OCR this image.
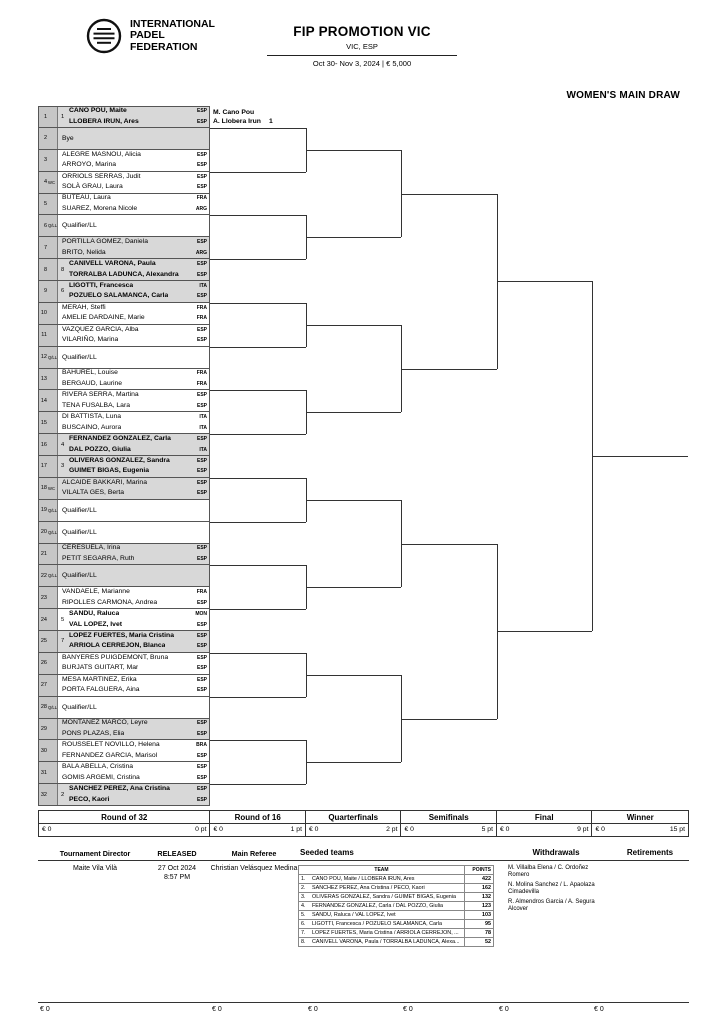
INTERNATIONAL
PADEL
FEDERATION
FIP PROMOTION VIC
VIC, ESP
Oct 30- Nov 3, 2024 | € 5,000
WOMEN'S MAIN DRAW
Round of 32
€ 0	0 pt
Round of 16
€ 0	1 pt
Quarterfinals
€ 0	2 pt
Semifinals
€ 0	5 pt
Final
€ 0	9 pt
Winner
€ 0	15 pt
Tournament Director
Maite Vila Vilà
RELEASED
27 Oct 2024
8:57 PM
Main Referee
Christian Velásquez Medina
Seeded teams
TEAM		POINTS
1.	CANO POU, Maite / LLOBERA IRUN, Ares	422
2.	SANCHEZ PEREZ, Ana Cristina / PECO, Kaori	162
3.	OLIVERAS GONZALEZ, Sandra / GUIMET BIGAS, Eugenia	132
4.	FERNANDEZ GONZALEZ, Carla / DAL POZZO, Giulia	123
5.	SANDU, Raluca / VAL LOPEZ, Ivet	103
6.	LIGOTTI, Francesca / POZUELO SALAMANCA, Carla	95
7.	LOPEZ FUERTES, Maria Cristina / ARRIOLA CERREJON, ...	78
8.	CANIVELL VARONA, Paula / TORRALBA LADUNCA, Alexa...	52
Withdrawals
M. Villalba Elena / C. Ordoñez Romero
N. Molina Sanchez / L. Apaolaza Cimadevilla
R. Almendros Garcia / A. Segura Alcover
Retirements
€ 0	€ 0	€ 0	€ 0	€ 0	€ 0
1 1
CANO POU, Maite	ESP
LLOBERA IRUN, Ares	ESP
2 Bye
3
ALEGRE MASNOU, Alicia	ESP
ARROYO, Marina	ESP
4 WC
ORRIOLS SERRAS, Judit	ESP
SOLÀ GRAU, Laura	ESP
5
BUTEAU, Laura	FRA
SUAREZ, Morena Nicole	ARG
6 Q/LL Qualifier/LL
7
PORTILLA GOMEZ, Daniela	ESP
BRITO, Nelida	ARG
8 8
CANIVELL VARONA, Paula	ESP
TORRALBA LADUNCA, Alexandra	ESP
9 6
LIGOTTI, Francesca	ITA
POZUELO SALAMANCA, Carla	ESP
10
MERAH, Steffi	FRA
AMELIE DARDAINE, Marie	FRA
11
VAZQUEZ GARCIA, Alba	ESP
VILARIÑO, Marina	ESP
12 Q/LL Qualifier/LL
13
BAHUREL, Louise	FRA
BERGAUD, Laurine	FRA
14
RIVERA SERRA, Martina	ESP
TENA FUSALBA, Lara	ESP
15
DI BATTISTA, Luna	ITA
BUSCAINO, Aurora	ITA
16 4
FERNANDEZ GONZALEZ, Carla	ESP
DAL POZZO, Giulia	ITA
17 3
OLIVERAS GONZALEZ, Sandra	ESP
GUIMET BIGAS, Eugenia	ESP
18 WC
ALCAIDE BAKKARI, Marina	ESP
VILALTA GES, Berta	ESP
19 Q/LL Qualifier/LL
20 Q/LL Qualifier/LL
21
CERESUELA, Irina	ESP
PETIT SEGARRA, Ruth	ESP
22 Q/LL Qualifier/LL
23
VANDAELE, Marianne	FRA
RIPOLLES CARMONA, Andrea	ESP
24 5
SANDU, Raluca	MON
VAL LOPEZ, Ivet	ESP
25 7
LOPEZ FUERTES, Maria Cristina	ESP
ARRIOLA CERREJON, Blanca	ESP
26
BANYERES PUIGDEMONT, Bruna	ESP
BURJATS GUITART, Mar	ESP
27
MESA MARTINEZ, Erika	ESP
PORTA FALGUERA, Aina	ESP
28 Q/LL Qualifier/LL
29
MONTAÑEZ MARCO, Leyre	ESP
PONS PLAZAS, Elia	ESP
30
ROUSSELET NOVILLO, Helena	BRA
FERNANDEZ GARCIA, Marisol	ESP
31
BALA ABELLA, Cristina	ESP
GOMIS ARGEMI, Cristina	ESP
32 2
SANCHEZ PEREZ, Ana Cristina	ESP
PECO, Kaori	ESP
M. Cano Pou
A. Llobera Irun 1
